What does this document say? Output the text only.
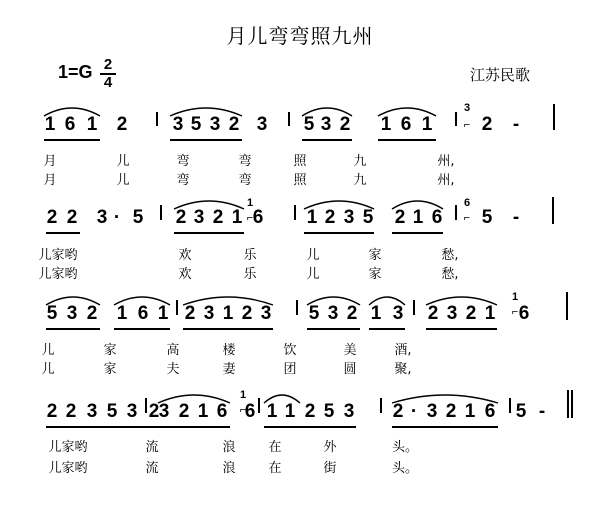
月儿弯弯照九州
1=G 2
4	江苏民歌
1 6 1 2 3 5 3 2 3 5 3 2 1 6 1	2 -
3
⌐
月	儿	弯	弯	照	九	州,
月	儿	弯	弯	照	九	州,
2 2 3 · 5 2 3 2 1 6 1 2 3 5 2 1 6 5 -
1
⌐
6
⌐
儿家哟	欢	乐	儿	家	愁,
儿家哟	欢	乐	儿	家	愁,
5 3 2 1 6 1 2 3 1 2 3 5 3 2 1 3 2 3 2 1 6
1
⌐
儿	家	高	楼	饮	美	酒,
儿	家	夫	妻	团	圆	聚,
2 2 3 5 3 2 3 2 1 6 6 1 1 2 5 3 2 · 3 2 1 6 5 -
1
⌐
儿家哟	流	浪	在	外	头。
儿家哟	流	浪	在	街	头。
